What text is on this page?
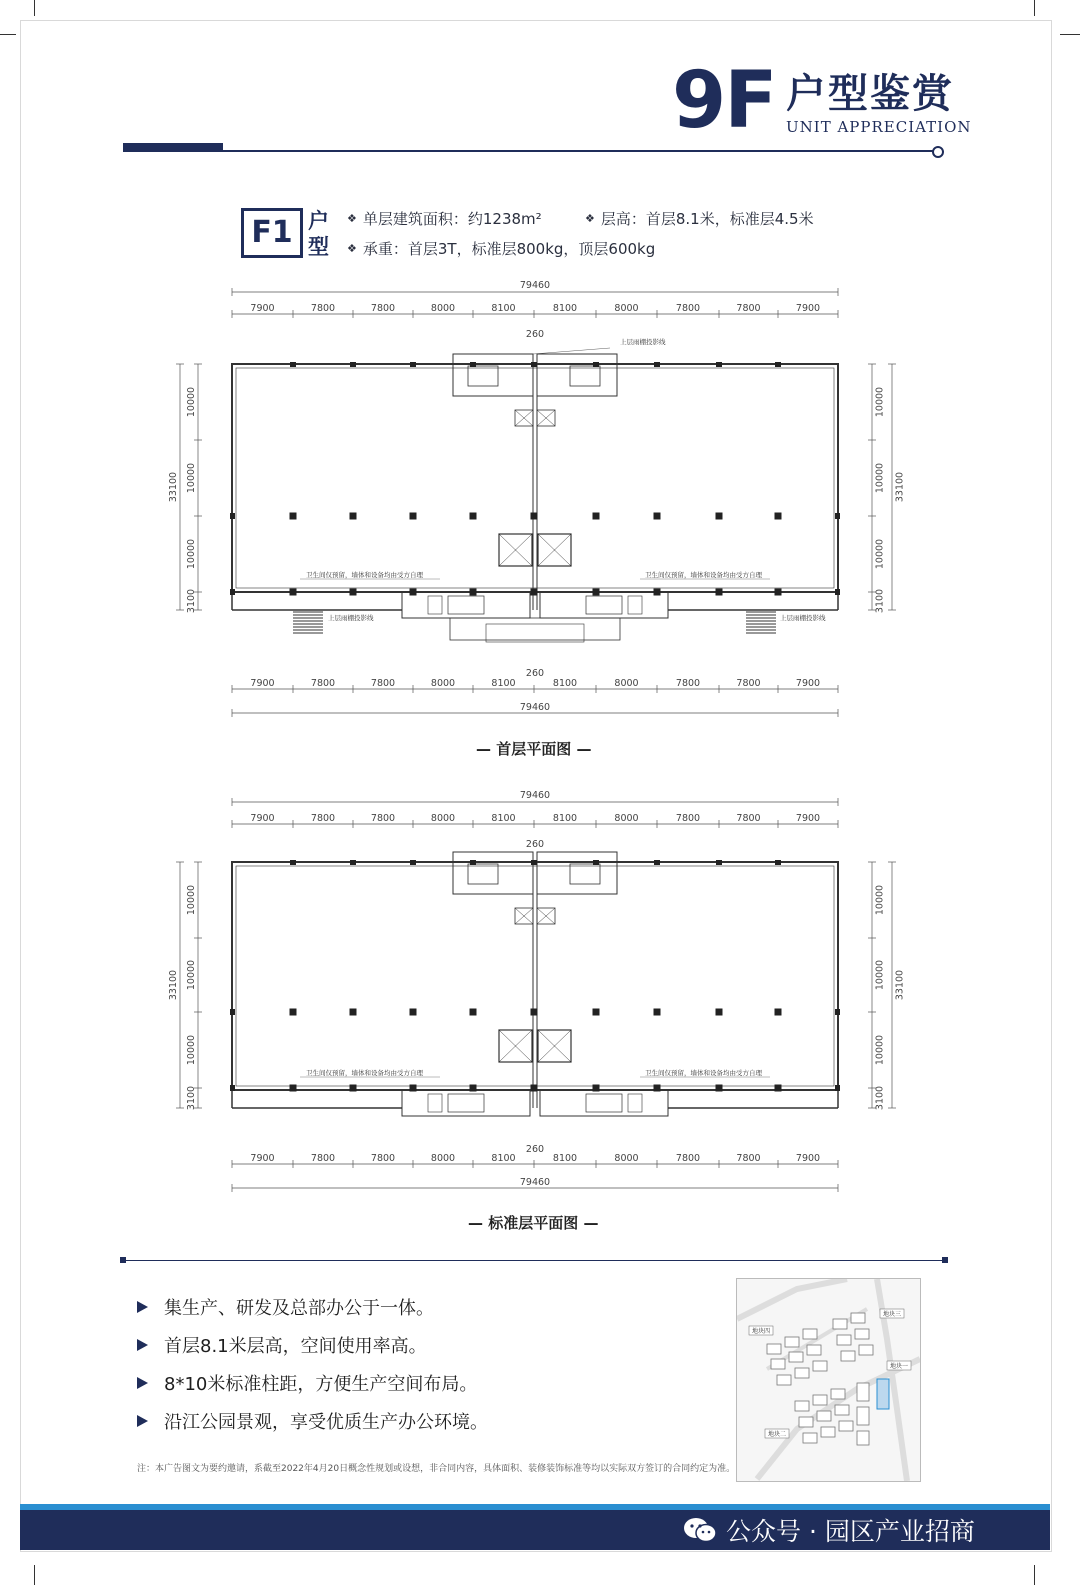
9F 户型鉴赏
UNIT APPRECIATION
F1 户
型
❖ 单层建筑面积：约1238m²	❖ 层高：首层8.1米，标准层4.5米
❖ 承重：首层3T，标准层800kg，顶层600kg
79460
7900	7800	7800	8000	8100	8100	8000	7800	7800	7900
260
79460
7900	7800	7800	8000	8100	8100	8000	7800	7800	7900
260
10000
10000
10000
3100
33100
10000
10000
10000
3100
33100
上层雨棚投影线
卫生间仅预留，墙体和设备均由受方自理	卫生间仅预留，墙体和设备均由受方自理
上层雨棚投影线	上层雨棚投影线
— 首层平面图 —
79460
7900	7800	7800	8000	8100	8100	8000	7800	7800	7900
260
79460
7900	7800	7800	8000	8100	8100	8000	7800	7800	7900
260
10000
10000
10000
3100
33100
10000
10000
10000
3100
33100
卫生间仅预留，墙体和设备均由受方自理	卫生间仅预留，墙体和设备均由受方自理
— 标准层平面图 —
集生产、研发及总部办公于一体。
首层8.1米层高，空间使用率高。
8*10米标准柱距，方便生产空间布局。
沿江公园景观，享受优质生产办公环境。
地块三
地块四
地块一
地块二
注：本广告图文为要约邀请，系截至2022年4月20日概念性规划或设想，非合同内容，具体面积、装修装饰标准等均以实际双方签订的合同约定为准。
公众号 · 园区产业招商
